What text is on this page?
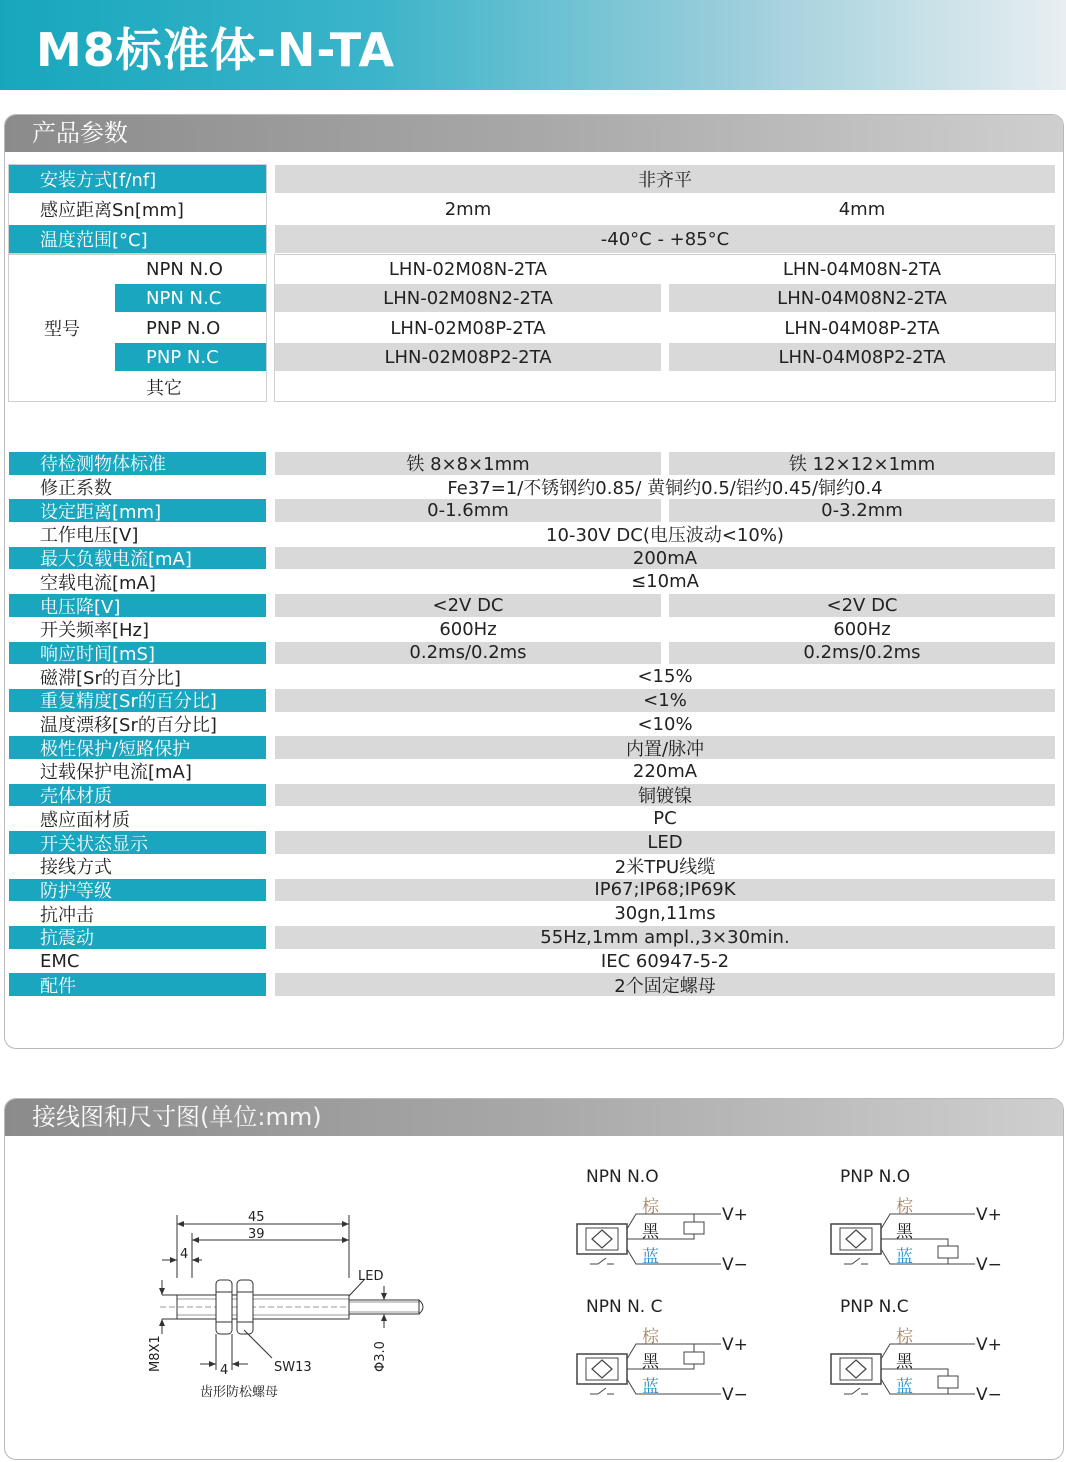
M8标准体-N-TA
产品参数
安装方式[f/nf]	非齐平
感应距离Sn[mm]	2mm	4mm
温度范围[°C]	-40°C - +85°C
型号
NPN N.O	LHN-02M08N-2TA	LHN-04M08N-2TA
NPN N.C	LHN-02M08N2-2TA	LHN-04M08N2-2TA
PNP N.O	LHN-02M08P-2TA	LHN-04M08P-2TA
PNP N.C	LHN-02M08P2-2TA	LHN-04M08P2-2TA
其它
待检测物体标准	铁 8×8×1mm	铁 12×12×1mm
修正系数	Fe37=1/不锈钢约0.85/ 黄铜约0.5/铝约0.45/铜约0.4
设定距离[mm]	0-1.6mm	0-3.2mm
工作电压[V]	10-30V DC(电压波动<10%)
最大负载电流[mA]	200mA
空载电流[mA]	≤10mA
电压降[V]	<2V DC	<2V DC
开关频率[Hz]	600Hz	600Hz
响应时间[mS]	0.2ms/0.2ms	0.2ms/0.2ms
磁滞[Sr的百分比]	<15%
重复精度[Sr的百分比]	<1%
温度漂移[Sr的百分比]	<10%
极性保护/短路保护	内置/脉冲
过载保护电流[mA]	220mA
壳体材质	铜镀镍
感应面材质	PC
开关状态显示	LED
接线方式	2米TPU线缆
防护等级	IP67;IP68;IP69K
抗冲击	30gn,11ms
抗震动	55Hz,1mm ampl.,3×30min.
EMC	IEC 60947-5-2
配件	2个固定螺母
接线图和尺寸图(单位:mm)
45
39
4
4
LED
SW13
M8X1	Φ3.0
齿形防松螺母
NPN N.O
棕
黑
蓝
V+
V−
PNP N.O
棕
黑
蓝
V+
V−
NPN N. C
棕
黑
蓝
V+
V−
PNP N.C
棕
黑
蓝
V+
V−
